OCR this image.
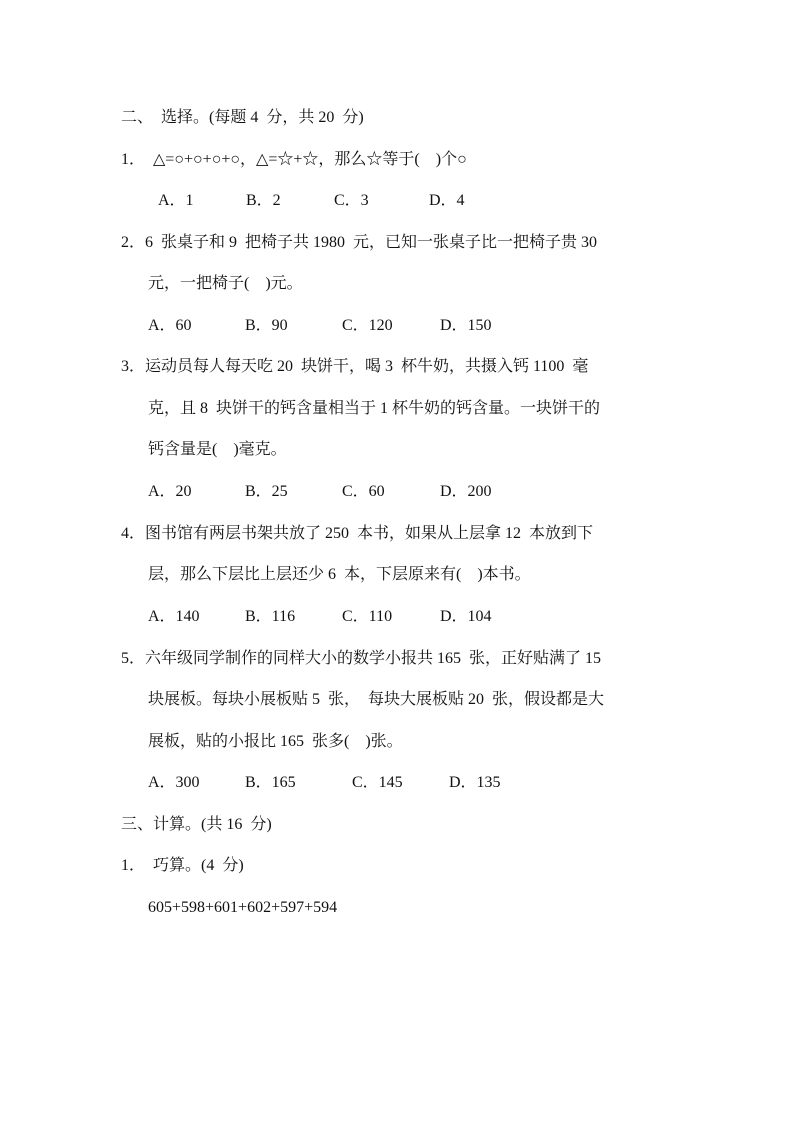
二、  选择。(每题 4  分，共 20  分)
1．  △=○+○+○+○，△=☆+☆，那么☆等于(    )个○
A．1	B．2	C．3	D．4
2．6  张桌子和 9  把椅子共 1980  元，已知一张桌子比一把椅子贵 30
元，一把椅子(    )元。
A．60	B．90	C．120	D．150
3．运动员每人每天吃 20  块饼干，喝 3  杯牛奶，共摄入钙 1100  毫
克，且 8  块饼干的钙含量相当于 1 杯牛奶的钙含量。一块饼干的
钙含量是(    )毫克。
A．20	B．25	C．60	D．200
4．图书馆有两层书架共放了 250  本书，如果从上层拿 12  本放到下
层，那么下层比上层还少 6  本，下层原来有(    )本书。
A．140	B．116	C．110	D．104
5．六年级同学制作的同样大小的数学小报共 165  张，正好贴满了 15
块展板。每块小展板贴 5  张，  每块大展板贴 20  张，假设都是大
展板，贴的小报比 165  张多(    )张。
A．300	B．165	C．145	D．135
三、计算。(共 16  分)
1．  巧算。(4  分)
605+598+601+602+597+594
